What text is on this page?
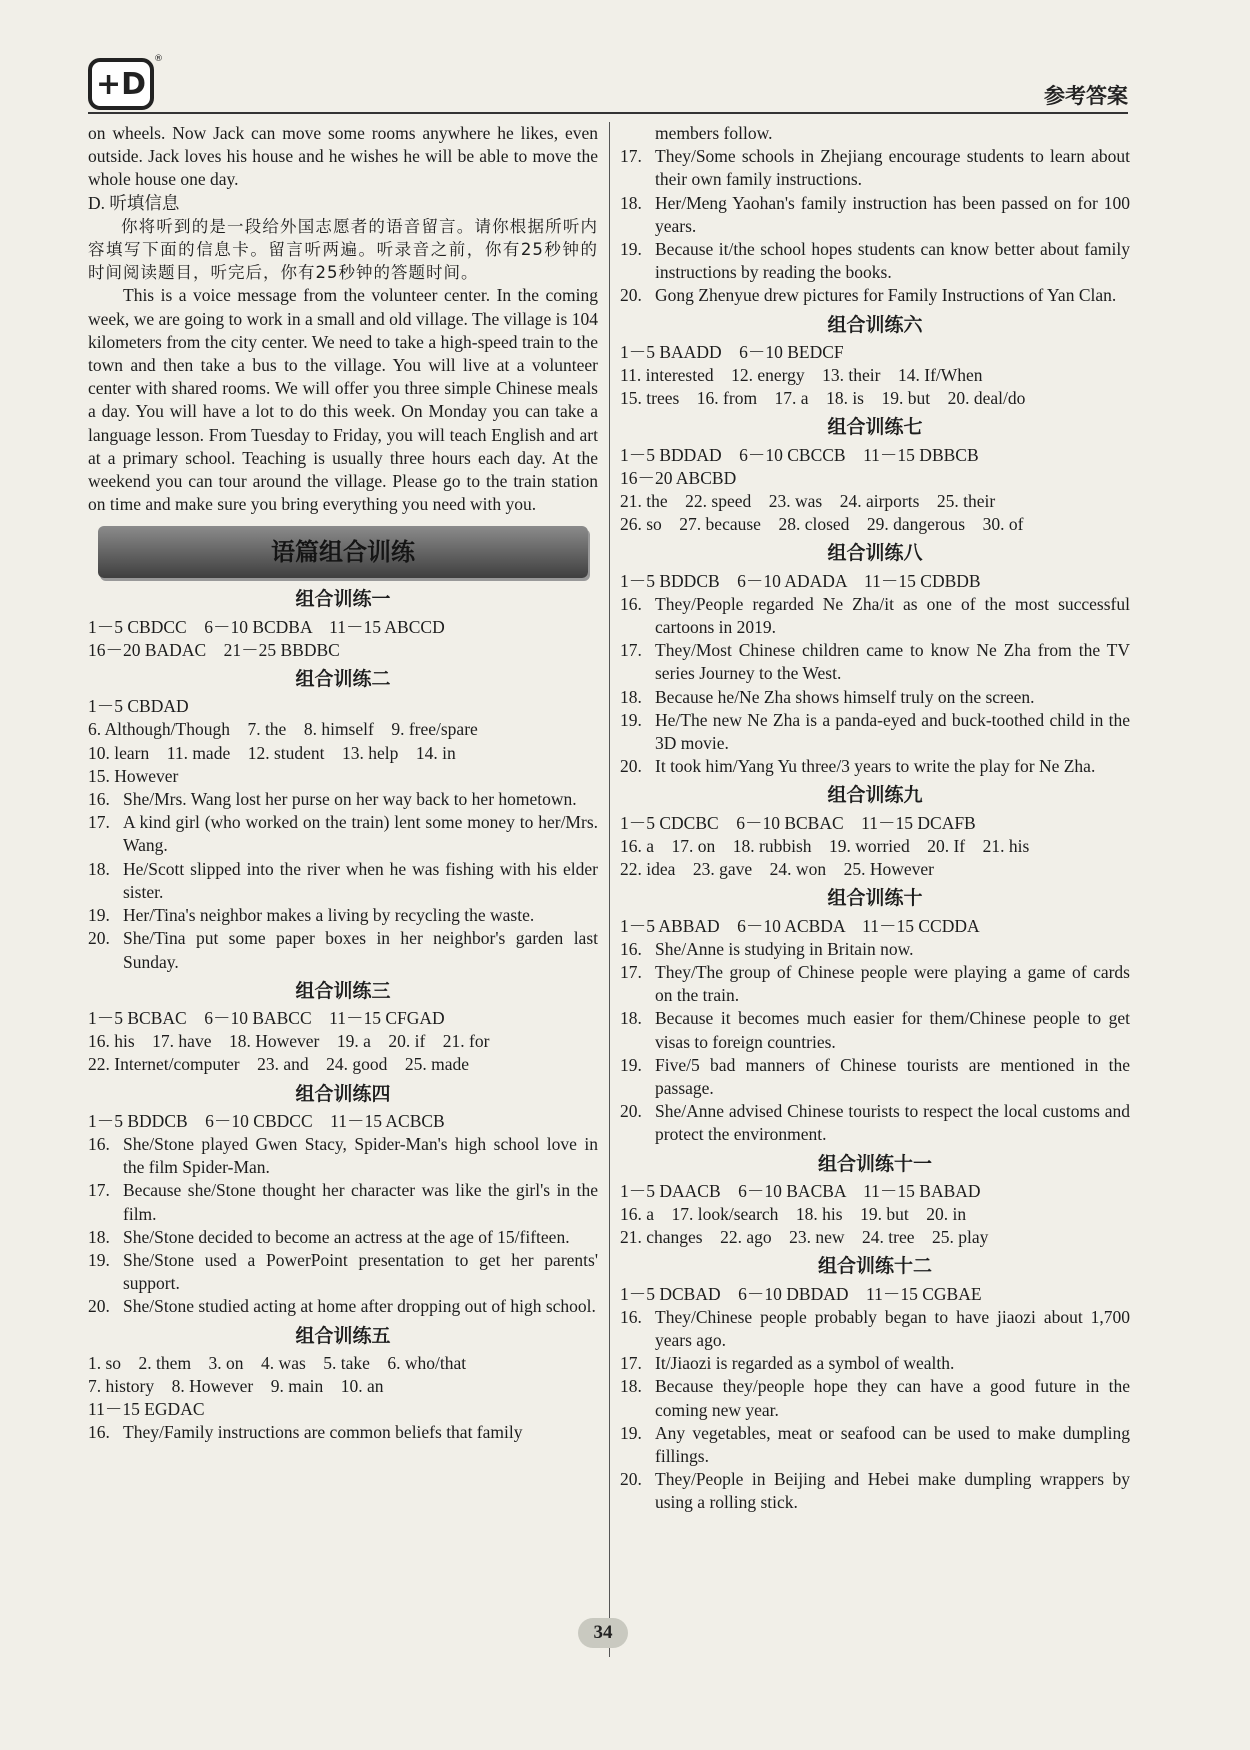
+D
®
参考答案

on wheels. Now Jack can move some rooms anywhere he likes, even outside. Jack loves his house and he wishes he will be able to move the whole house one day.

D. 听填信息

你将听到的是一段给外国志愿者的语音留言。请你根据所听内容填写下面的信息卡。留言听两遍。听录音之前，你有25秒钟的时间阅读题目，听完后，你有25秒钟的答题时间。

This is a voice message from the volunteer center. In the coming week, we are going to work in a small and old village. The village is 104 kilometers from the city center. We need to take a high-speed train to the town and then take a bus to the village. You will live at a volunteer center with shared rooms. We will offer you three simple Chinese meals a day. You will have a lot to do this week. On Monday you can take a language lesson. From Tuesday to Friday, you will teach English and art at a primary school. Teaching is usually three hours each day. At the weekend you can tour around the village. Please go to the train station on time and make sure you bring everything you need with you.

语篇组合训练
组合训练一

1－5 CBDCC　6－10 BCDBA　11－15 ABCCD

16－20 BADAC　21－25 BBDBC

组合训练二

1－5 CBDAD

6. Although/Though　7. the　8. himself　9. free/spare

10. learn　11. made　12. student　13. help　14. in

15. However

16. She/Mrs. Wang lost her purse on her way back to her hometown.
17. A kind girl (who worked on the train) lent some money to her/Mrs. Wang.
18. He/Scott slipped into the river when he was fishing with his elder sister.
19. Her/Tina's neighbor makes a living by recycling the waste.
20. She/Tina put some paper boxes in her neighbor's garden last Sunday.
组合训练三

1－5 BCBAC　6－10 BABCC　11－15 CFGAD

16. his　17. have　18. However　19. a　20. if　21. for

22. Internet/computer　23. and　24. good　25. made

组合训练四

1－5 BDDCB　6－10 CBDCC　11－15 ACBCB

16. She/Stone played Gwen Stacy, Spider-Man's high school love in the film Spider-Man.
17. Because she/Stone thought her character was like the girl's in the film.
18. She/Stone decided to become an actress at the age of 15/fifteen.
19. She/Stone used a PowerPoint presentation to get her parents' support.
20. She/Stone studied acting at home after dropping out of high school.
组合训练五

1. so　2. them　3. on　4. was　5. take　6. who/that

7. history　8. However　9. main　10. an

11－15 EGDAC

16. They/Family instructions are common beliefs that family
members follow.
17. They/Some schools in Zhejiang encourage students to learn about their own family instructions.
18. Her/Meng Yaohan's family instruction has been passed on for 100 years.
19. Because it/the school hopes students can know better about family instructions by reading the books.
20. Gong Zhenyue drew pictures for Family Instructions of Yan Clan.
组合训练六

1－5 BAADD　6－10 BEDCF

11. interested　12. energy　13. their　14. If/When

15. trees　16. from　17. a　18. is　19. but　20. deal/do

组合训练七

1－5 BDDAD　6－10 CBCCB　11－15 DBBCB

16－20 ABCBD

21. the　22. speed　23. was　24. airports　25. their

26. so　27. because　28. closed　29. dangerous　30. of

组合训练八

1－5 BDDCB　6－10 ADADA　11－15 CDBDB

16. They/People regarded Ne Zha/it as one of the most successful cartoons in 2019.
17. They/Most Chinese children came to know Ne Zha from the TV series Journey to the West.
18. Because he/Ne Zha shows himself truly on the screen.
19. He/The new Ne Zha is a panda-eyed and buck-toothed child in the 3D movie.
20. It took him/Yang Yu three/3 years to write the play for Ne Zha.
组合训练九

1－5 CDCBC　6－10 BCBAC　11－15 DCAFB

16. a　17. on　18. rubbish　19. worried　20. If　21. his

22. idea　23. gave　24. won　25. However

组合训练十

1－5 ABBAD　6－10 ACBDA　11－15 CCDDA

16. She/Anne is studying in Britain now.
17. They/The group of Chinese people were playing a game of cards on the train.
18. Because it becomes much easier for them/Chinese people to get visas to foreign countries.
19. Five/5 bad manners of Chinese tourists are mentioned in the passage.
20. She/Anne advised Chinese tourists to respect the local customs and protect the environment.
组合训练十一

1－5 DAACB　6－10 BACBA　11－15 BABAD

16. a　17. look/search　18. his　19. but　20. in

21. changes　22. ago　23. new　24. tree　25. play

组合训练十二

1－5 DCBAD　6－10 DBDAD　11－15 CGBAE

16. They/Chinese people probably began to have jiaozi about 1,700 years ago.
17. It/Jiaozi is regarded as a symbol of wealth.
18. Because they/people hope they can have a good future in the coming new year.
19. Any vegetables, meat or seafood can be used to make dumpling fillings.
20. They/People in Beijing and Hebei make dumpling wrappers by using a rolling stick.
34
